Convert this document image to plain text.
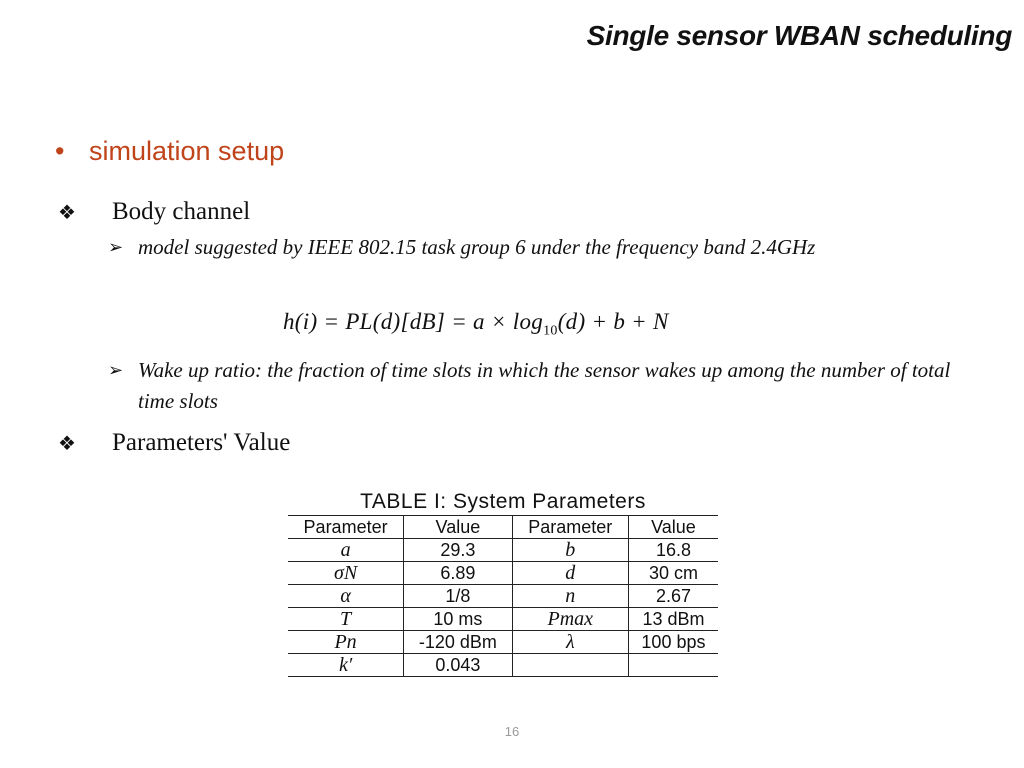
Single sensor WBAN scheduling
• simulation setup
❖ Body channel
➢ model suggested by IEEE 802.15 task group 6 under the frequency band 2.4GHz
$h(i) = PL(d)[dB] = a \times \log_{10}(d) + b + N$
➢ Wake up ratio: the fraction of time slots in which the sensor wakes up among the number of total time slots
❖ Parameters' Value
TABLE I: System Parameters
Parameter	Value	Parameter	Value
a	29.3	b	16.8
σN	6.89	d	30 cm
α	1/8	n	2.67
T	10 ms	Pmax	13 dBm
Pn	-120 dBm	λ	100 bps
k′	0.043		
16
